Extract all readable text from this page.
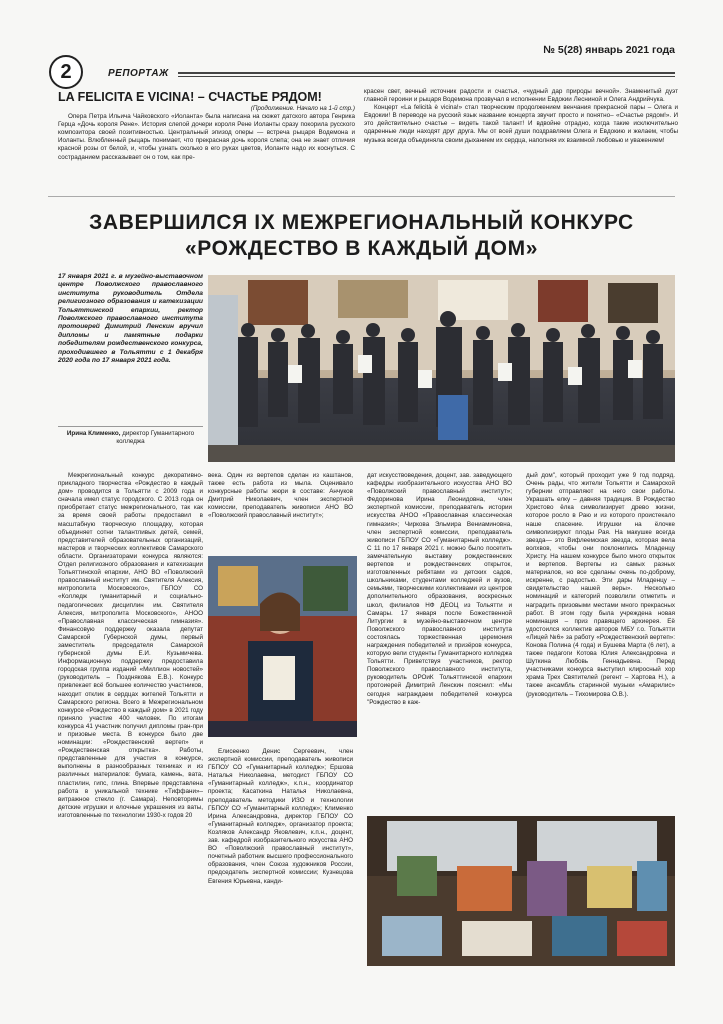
2	РЕПОРТАЖ
№ 5(28) январь 2021 года
LA FELICITA E VICINA! – СЧАСТЬЕ РЯДОМ!
(Продолжение. Начало на 1-й стр.)
Опера Петра Ильича Чайковского «Иоланта» была написана на сюжет датского автора Генрика Герца «Дочь короля Рене». История слепой дочери короля Рене Иоланты сразу покорила русского композитора своей позитивностью. Центральный эпизод оперы — встреча рыцаря Водемона и Иоланты. Влюбленный рыцарь понимает, что прекрасная дочь короля слепа; она не знает отличия красной розы от белой, и, чтобы узнать сколько в его руках цветов, Иоланте надо их коснуться. С состраданием рассказывает он о том, как пре-
красен свет, вечный источник радости и счастья, «чудный дар природы вечной». Знаменитый дуэт главной героини и рыцаря Водемона прозвучал в исполнении Евдокии Лесниной и Олега Андрийчука.
Концерт «La felicità è vicina!» стал творческим продолжением венчания прекрасной пары – Олега и Евдокии! В переводе на русский язык название концерта звучит просто и понятно– «Счастье рядом!». И это действительно счастье – видеть такой талант! И вдвойне отрадно, когда такие исключительно одаренные люди находят друг друга. Мы от всей души поздравляем Олега и Евдокию и желаем, чтобы музыка всегда объединяла своим дыханием их сердца, наполняя их взаимной любовью и уважением!
ЗАВЕРШИЛСЯ IX МЕЖРЕГИОНАЛЬНЫЙ КОНКУРС
«РОЖДЕСТВО В КАЖДЫЙ ДОМ»
17 января 2021 г. в музейно-выставочном центре Поволжского православного института руководитель Отдела религиозного образования и катехизации Тольяттинской епархии, ректор Поволжского православного института протоиерей Димитрий Ленскин вручил дипломы и памятные подарки победителям рождественского конкурса, проходившего в Тольятти с 1 декабря 2020 года по 17 января 2021 года.
Ирина Клименко, директор Гуманитарного колледжа
Межрегиональный конкурс декоративно-прикладного творчества «Рождество в каждый дом» проводится в Тольятти с 2009 года и сначала имел статус городского. С 2013 года он приобретает статус межрегионального, так как за время своей работы предоставил в масштабную творческую площадку, которая объединяет сотни талантливых детей, семей, представителей образовательных организаций, мастеров и творческих коллективов Самарского области. Организаторами конкурса являются: Отдел религиозного образования и катехизации Тольяттинской епархии, АНО ВО «Поволжский православный институт им. Святителя Алексия, митрополита Московского», ГБПОУ СО «Колледж гуманитарный и социально-педагогических дисциплин им. Святителя Алексия, митрополита Московского», АНОО «Православная классическая гимназия». Финансовую поддержку оказала депутат Самарской Губернской думы, первый заместитель председателя Самарской губернской думы Е.И. Кузьмичева. Информационную поддержку предоставила городская группа изданий «Миллион новостей» (руководитель – Позднякова Е.В.). Конкурс привлекает всё большее количество участников, находит отклик в сердцах жителей Тольятти и Самарского региона. Всего в Межрегиональном конкурсе «Рождество в каждый дом» в 2021 году приняло участие 400 человек. По итогам конкурса 41 участник получил дипломы гран-при и призовые места. В конкурсе было две номинации: «Рождественский вертеп» и «Рождественская открытка». Работы, представленные для участия в конкурсе, выполнены в разнообразных техниках и из различных материалов: бумага, камень, вата, пластилин, гипс, глина. Впервые представлена работа в уникальной технике «Тиффани»– витражное стекло (г. Самара). Неповторимы детские игрушки и елочные украшения из ваты, изготовленные по технологии 1930-х годов 20
века. Один из вертепов сделан из каштанов, также есть работа из мыла. Оценивало конкурсные работы жюри в составе: Анчуков Дмитрий Николаевич, член экспертной комиссии, преподаватель живописи АНО ВО «Поволжский православный институт»;
Елисеенко Денис Сергеевич, член экспертной комиссии, преподаватель живописи ГБПОУ СО «Гуманитарный колледж»; Ершова Наталья Николаевна, методист ГБПОУ СО «Гуманитарный колледж», к.п.н., координатор проекта; Касаткина Наталья Николаевна, преподаватель методики ИЗО и технологии ГБПОУ СО «Гуманитарный колледж»; Клименко Ирина Александровна, директор ГБПОУ СО «Гуманитарный колледж», организатор проекта; Козляков Александр Яковлевич, к.п.н., доцент, зав. кафедрой изобразительного искусства АНО ВО «Поволжский православный институт», почетный работник высшего профессионального образования, член Союза художников России, председатель экспертной комиссии; Кузнецова Евгения Юрьевна, канди-
дат искусствоведения, доцент, зав. заведующего кафедры изобразительного искусства АНО ВО «Поволжский православный институт»; Федоринова Ирина Леонидовна, член экспертной комиссии, преподаватель истории искусства АНОО «Православная классическая гимназия»; Чиркова Эльмира Вениаминовна, член экспертной комиссии, преподаватель живописи ГБПОУ СО «Гуманитарный колледж». С 11 по 17 января 2021 г. можно было посетить замечательную выставку рождественских вертепов и рождественских открыток, изготовленных ребятами из детских садов, школьниками, студентами колледжей и вузов, семьями, творческими коллективами из центров дополнительного образования, воскресных школ, филиалов НФ ДЕОЦ из Тольятти и Самары. 17 января после Божественной Литургии в музейно-выставочном центре Поволжского православного института состоялась торжественная церемония награждения победителей и призёров конкурса, которую вели студенты Гуманитарного колледжа Тольятти. Приветствуя участников, ректор Поволжского православного института, руководитель ОРОиК Тольяттинской епархии протоиерей Димитрий Ленскин пояснил: «Мы сегодня награждаем победителей конкурса "Рождество в каж-
дый дом", который проходит уже 9 год подряд. Очень рады, что жители Тольятти и Самарской губернии отправляют на него свои работы. Украшать елку – давняя традиция. В Рождество Христово ёлка символизирует древо жизни, которое росло в Раю и из которого проистекало наше спасение. Игрушки на ёлочке символизируют плоды Рая. На макушке всегда звезда— это Вифлеемская звезда, которая вела волхвов, чтобы они поклонились Младенцу Христу. На нашем конкурсе было много открыток и вертепов. Вертепы из самых разных материалов, но все сделаны очень по-доброму, искренне, с радостью. Эти дары Младенцу – свидетельство нашей веры». Несколько номинаций и категорий позволили отметить и наградить призовыми местами много прекрасных работ. В этом году была учреждена новая номинация – приз правящего архиерея. Её удостоился коллектив авторов МБУ г.о. Тольятти «Лицей №6» за работу «Рождественский вертеп»: Конова Полина (4 года) и Бушева Марта (6 лет), а также педагоги Котова Юлия Александровна и Шуткина Любовь Геннадьевна. Перед участниками конкурса выступил клиросный хор храма Трех Святителей (регент – Хартова Н.), а также ансамбль старинной музыки «Амарилис» (руководитель – Тихомирова О.В.).
